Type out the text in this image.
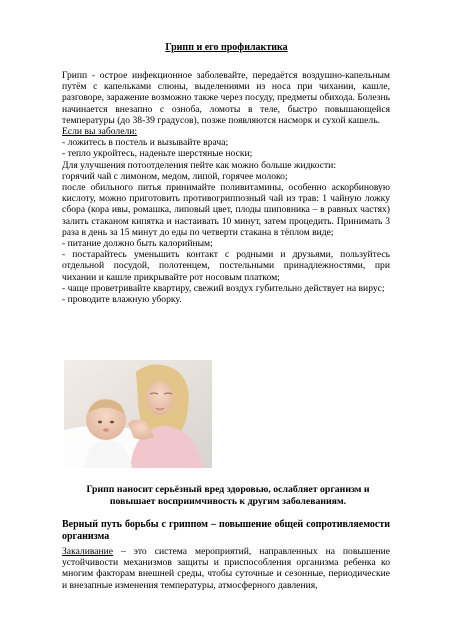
Грипп и его профилактика

Грипп - острое инфекционное заболевайте, передаётся воздушно-капельным путём с капельками слюны, выделениями из носа при чихании, кашле, разговоре, заражение возможно также через посуду, предметы обихода. Болезнь начинается внезапно с озноба, ломоты в теле, быстро повышающейся температуры (до 38-39 градусов), позже появляются насморк и сухой кашель.

Если вы заболели:

- ложитесь в постель и вызывайте врача;

- тепло укройтесь, наденьте шерстяные носки;

Для улучшения потоотделения пейте как можно больше жидкости:

горячий чай с лимоном, медом, липой, горячее молоко;

после обильного питья принимайте поливитамины, особенно аскорбиновую кислоту, можно приготовить противогриппозный чай из трав: 1 чайную ложку сбора (кора ивы, ромашка, липовый цвет, плоды шиповника – в равных частях) залить стаканом кипятка и настаивать 10 минут, затем процедить. Принимать 3 раза в день за 15 минут до еды по четверти стакана в тёплом виде;

- питание должно быть калорийным;

- постарайтесь уменьшить контакт с родными и друзьями, пользуйтесь отдельной посудой, полотенцем, постельными принадлежностями, при чихании и кашле прикрывайте рот носовым платком;

- чаще проветривайте квартиру, свежий воздух губительно действует на вирус;

- проводите влажную уборку.

Грипп наносит серьёзный вред здоровью, ослабляет организм и повышает восприимчивость к другим заболеваниям.
Верный путь борьбы с гриппом – повышение общей сопротивляемости организма
Закаливание – это система мероприятий, направленных на повышение устойчивости механизмов защиты и приспособления организма ребенка ко многим факторам внешней среды, чтобы суточные и сезонные, периодические и внезапные изменения температуры, атмосферного давления,
